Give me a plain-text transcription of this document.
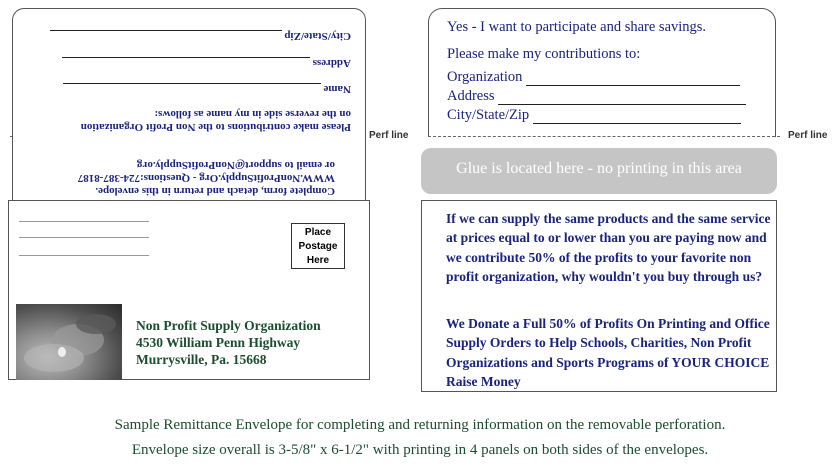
Please make contributions to the Non Profit Organization
on the reverse side in my name as follows:
Name
Address
City/State/Zip
Yes - I want to participate and share savings.
Please make my contributions to:
Organization
Address
City/State/Zip
Perf line	Perf line
Complete form, detach and return in this envelope.
WWW.NonProfitSupply.Org - Questions:724-387-8187
or email to support@NonProfitSupply.org	Glue is located here - no printing in this area
Place
Postage
Here
Non Profit Supply Organization
4530 William Penn Highway
Murrysville, Pa. 15668
If we can supply the same products and the same service at prices equal to or lower than you are paying now and we contribute 50% of the profits to your favorite non profit organization, why wouldn't you buy through us?
We Donate a Full 50% of Profits On Printing and Office Supply Orders to Help Schools, Charities, Non Profit Organizations and Sports Programs of YOUR CHOICE Raise Money
Sample Remittance Envelope for completing and returning information on the removable perforation.
Envelope size overall is 3-5/8" x 6-1/2" with printing in 4 panels on both sides of the envelopes.
